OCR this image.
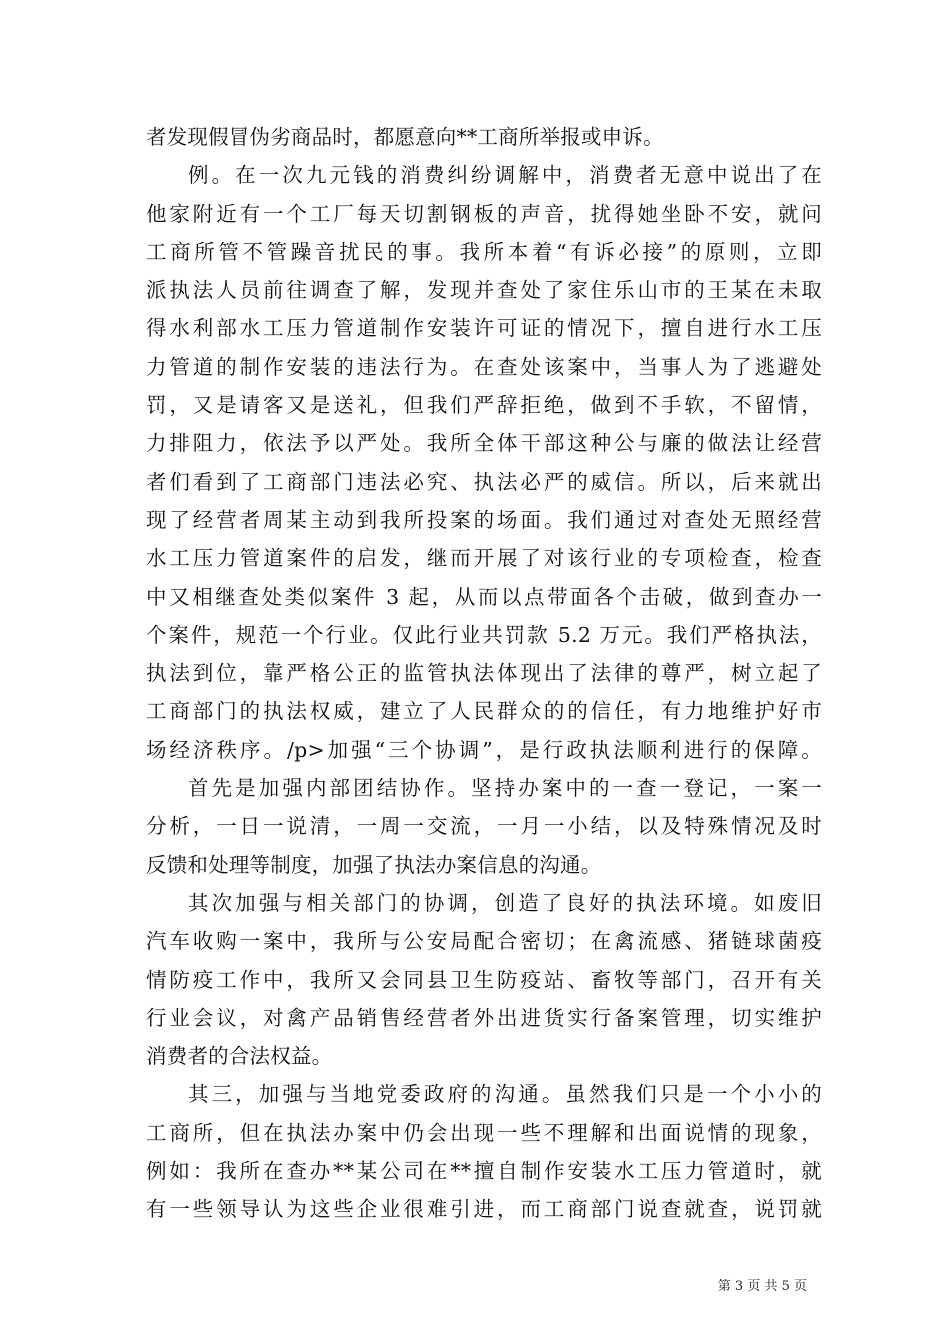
者发现假冒伪劣商品时，都愿意向**工商所举报或申诉。
例。在一次九元钱的消费纠纷调解中，消费者无意中说出了在
他家附近有一个工厂每天切割钢板的声音，扰得她坐卧不安，就问
工商所管不管躁音扰民的事。我所本着“有诉必接”的原则，立即
派执法人员前往调查了解，发现并查处了家住乐山市的王某在未取
得水利部水工压力管道制作安装许可证的情况下，擅自进行水工压
力管道的制作安装的违法行为。在查处该案中，当事人为了逃避处
罚，又是请客又是送礼，但我们严辞拒绝，做到不手软，不留情，
力排阻力，依法予以严处。我所全体干部这种公与廉的做法让经营
者们看到了工商部门违法必究、执法必严的威信。所以，后来就出
现了经营者周某主动到我所投案的场面。我们通过对查处无照经营
水工压力管道案件的启发，继而开展了对该行业的专项检查，检查
中又相继查处类似案件 3 起，从而以点带面各个击破，做到查办一
个案件，规范一个行业。仅此行业共罚款 5.2 万元。我们严格执法，
执法到位，靠严格公正的监管执法体现出了法律的尊严，树立起了
工商部门的执法权威，建立了人民群众的的信任，有力地维护好市
场经济秩序。/p>加强“三个协调”，是行政执法顺利进行的保障。
首先是加强内部团结协作。坚持办案中的一查一登记，一案一
分析，一日一说清，一周一交流，一月一小结，以及特殊情况及时
反馈和处理等制度，加强了执法办案信息的沟通。
其次加强与相关部门的协调，创造了良好的执法环境。如废旧
汽车收购一案中，我所与公安局配合密切；在禽流感、猪链球菌疫
情防疫工作中，我所又会同县卫生防疫站、畜牧等部门，召开有关
行业会议，对禽产品销售经营者外出进货实行备案管理，切实维护
消费者的合法权益。
其三，加强与当地党委政府的沟通。虽然我们只是一个小小的
工商所，但在执法办案中仍会出现一些不理解和出面说情的现象，
例如：我所在查办**某公司在**擅自制作安装水工压力管道时，就
有一些领导认为这些企业很难引进，而工商部门说查就查，说罚就
第 3 页 共 5 页
